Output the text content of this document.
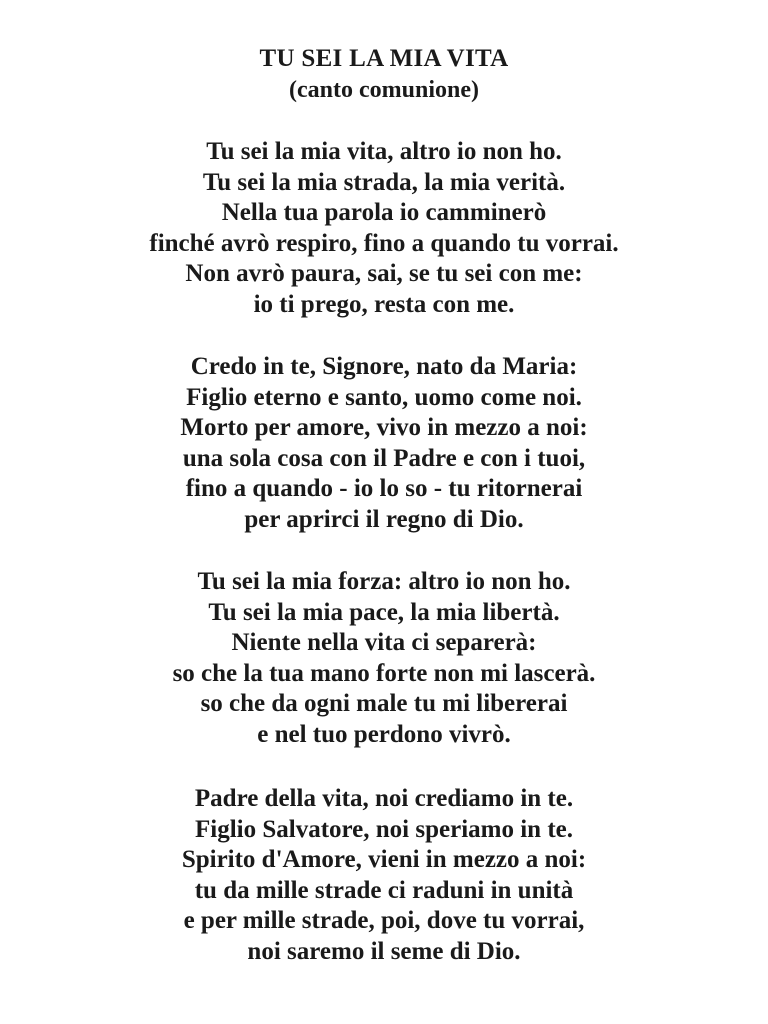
TU SEI LA MIA VITA
(canto comunione)
Tu sei la mia vita, altro io non ho.
Tu sei la mia strada, la mia verità.
Nella tua parola io camminerò
finché avrò respiro, fino a quando tu vorrai.
Non avrò paura, sai, se tu sei con me:
io ti prego, resta con me.
Credo in te, Signore, nato da Maria:
Figlio eterno e santo, uomo come noi.
Morto per amore, vivo in mezzo a noi:
una sola cosa con il Padre e con i tuoi,
fino a quando - io lo so - tu ritornerai
per aprirci il regno di Dio.
Tu sei la mia forza: altro io non ho.
Tu sei la mia pace, la mia libertà.
Niente nella vita ci separerà:
so che la tua mano forte non mi lascerà.
so che da ogni male tu mi libererai
e nel tuo perdono vivrò.
Padre della vita, noi crediamo in te.
Figlio Salvatore, noi speriamo in te.
Spirito d'Amore, vieni in mezzo a noi:
tu da mille strade ci raduni in unità
e per mille strade, poi, dove tu vorrai,
noi saremo il seme di Dio.
